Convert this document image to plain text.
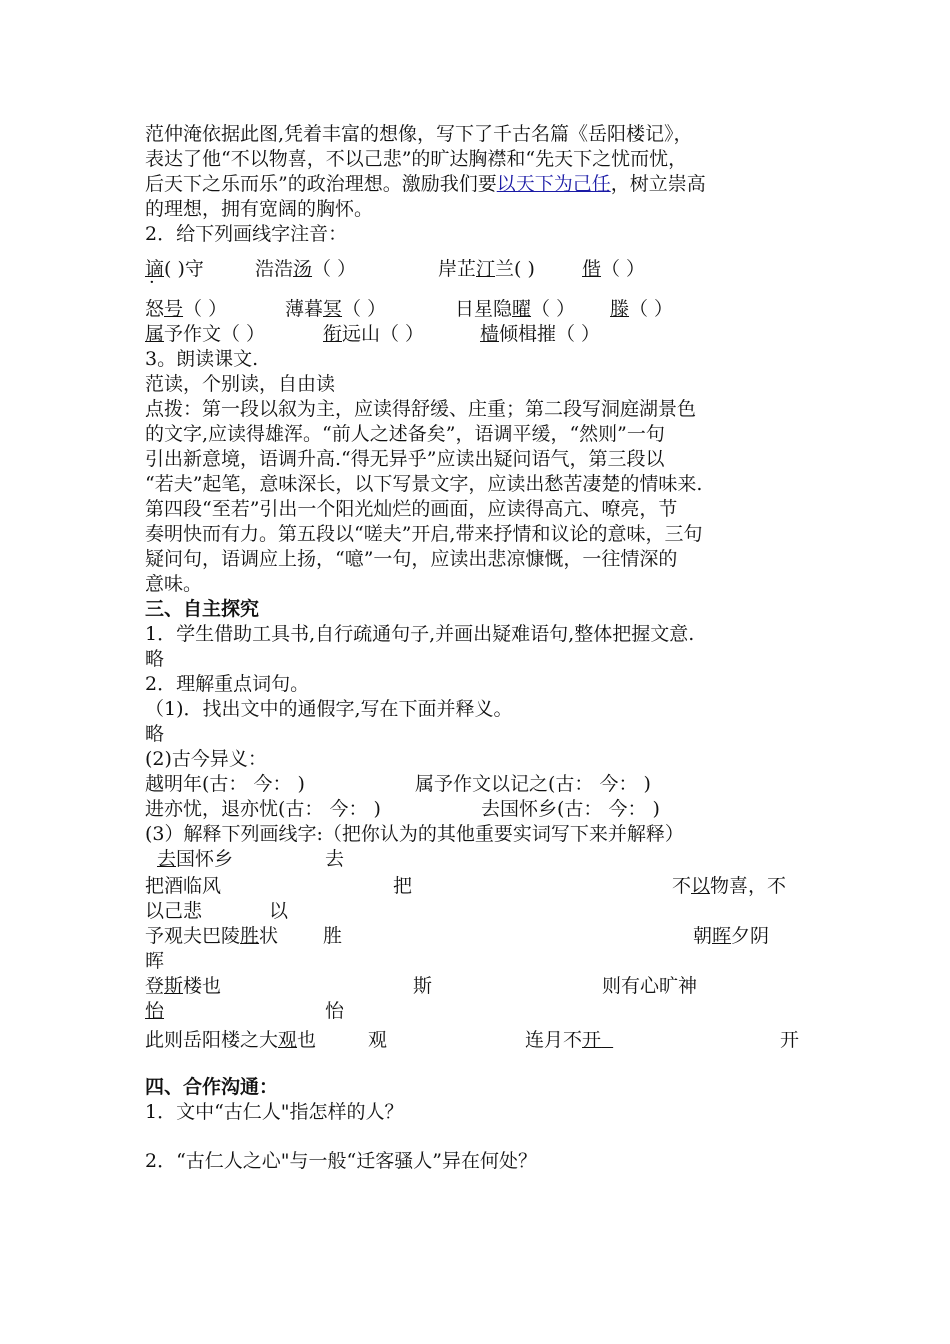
范仲淹依据此图,凭着丰富的想像，写下了千古名篇《岳阳楼记》，
表达了他“不以物喜，不以己悲”的旷达胸襟和“先天下之忧而忧，
后天下之乐而乐”的政治理想。激励我们要以天下为己任，树立崇高
的理想，拥有宽阔的胸怀。
2．给下列画线字注音：
谪( )守	浩浩汤（ ）	岸芷汀兰( ) 偕（ ）
怒号（ ）	薄暮冥（ ）	日星隐曜（ ） 滕（ ）
属予作文（ ）	衔远山（ ）	樯倾楫摧（ ）
3。朗读课文.
范读，个别读，自由读
点拨：第一段以叙为主，应读得舒缓、庄重；第二段写洞庭湖景色
的文字,应读得雄浑。“前人之述备矣”，语调平缓，“然则”一句
引出新意境，语调升高.“得无异乎”应读出疑问语气，第三段以
“若夫”起笔，意味深长，以下写景文字，应读出愁苦凄楚的情味来.
第四段“至若”引出一个阳光灿烂的画面，应读得高亢、嘹亮，节
奏明快而有力。第五段以“嗟夫”开启,带来抒情和议论的意味，三句
疑问句，语调应上扬，“噫”一句，应读出悲凉慷慨，一往情深的
意味。
三、自主探究
1．学生借助工具书,自行疏通句子,并画出疑难语句,整体把握文意.
略
2．理解重点词句。
（1)．找出文中的通假字,写在下面并释义。
略
(2)古今异义：
越明年(古： 今： )	属予作文以记之(古： 今： )
进亦忧，退亦忧(古： 今： )	去国怀乡(古： 今： )
(3）解释下列画线字:（把你认为的其他重要实词写下来并解释）
去国怀乡	去
把酒临风	把	不以物喜，不
以己悲	以
予观夫巴陵胜状 胜	朝晖夕阴
晖
登斯楼也	斯	则有心旷神
怡	怡
此则岳阳楼之大观也	观	连月不开	开
四、合作沟通：
1．文中“古仁人"指怎样的人？
2．“古仁人之心"与一般“迁客骚人”异在何处？
